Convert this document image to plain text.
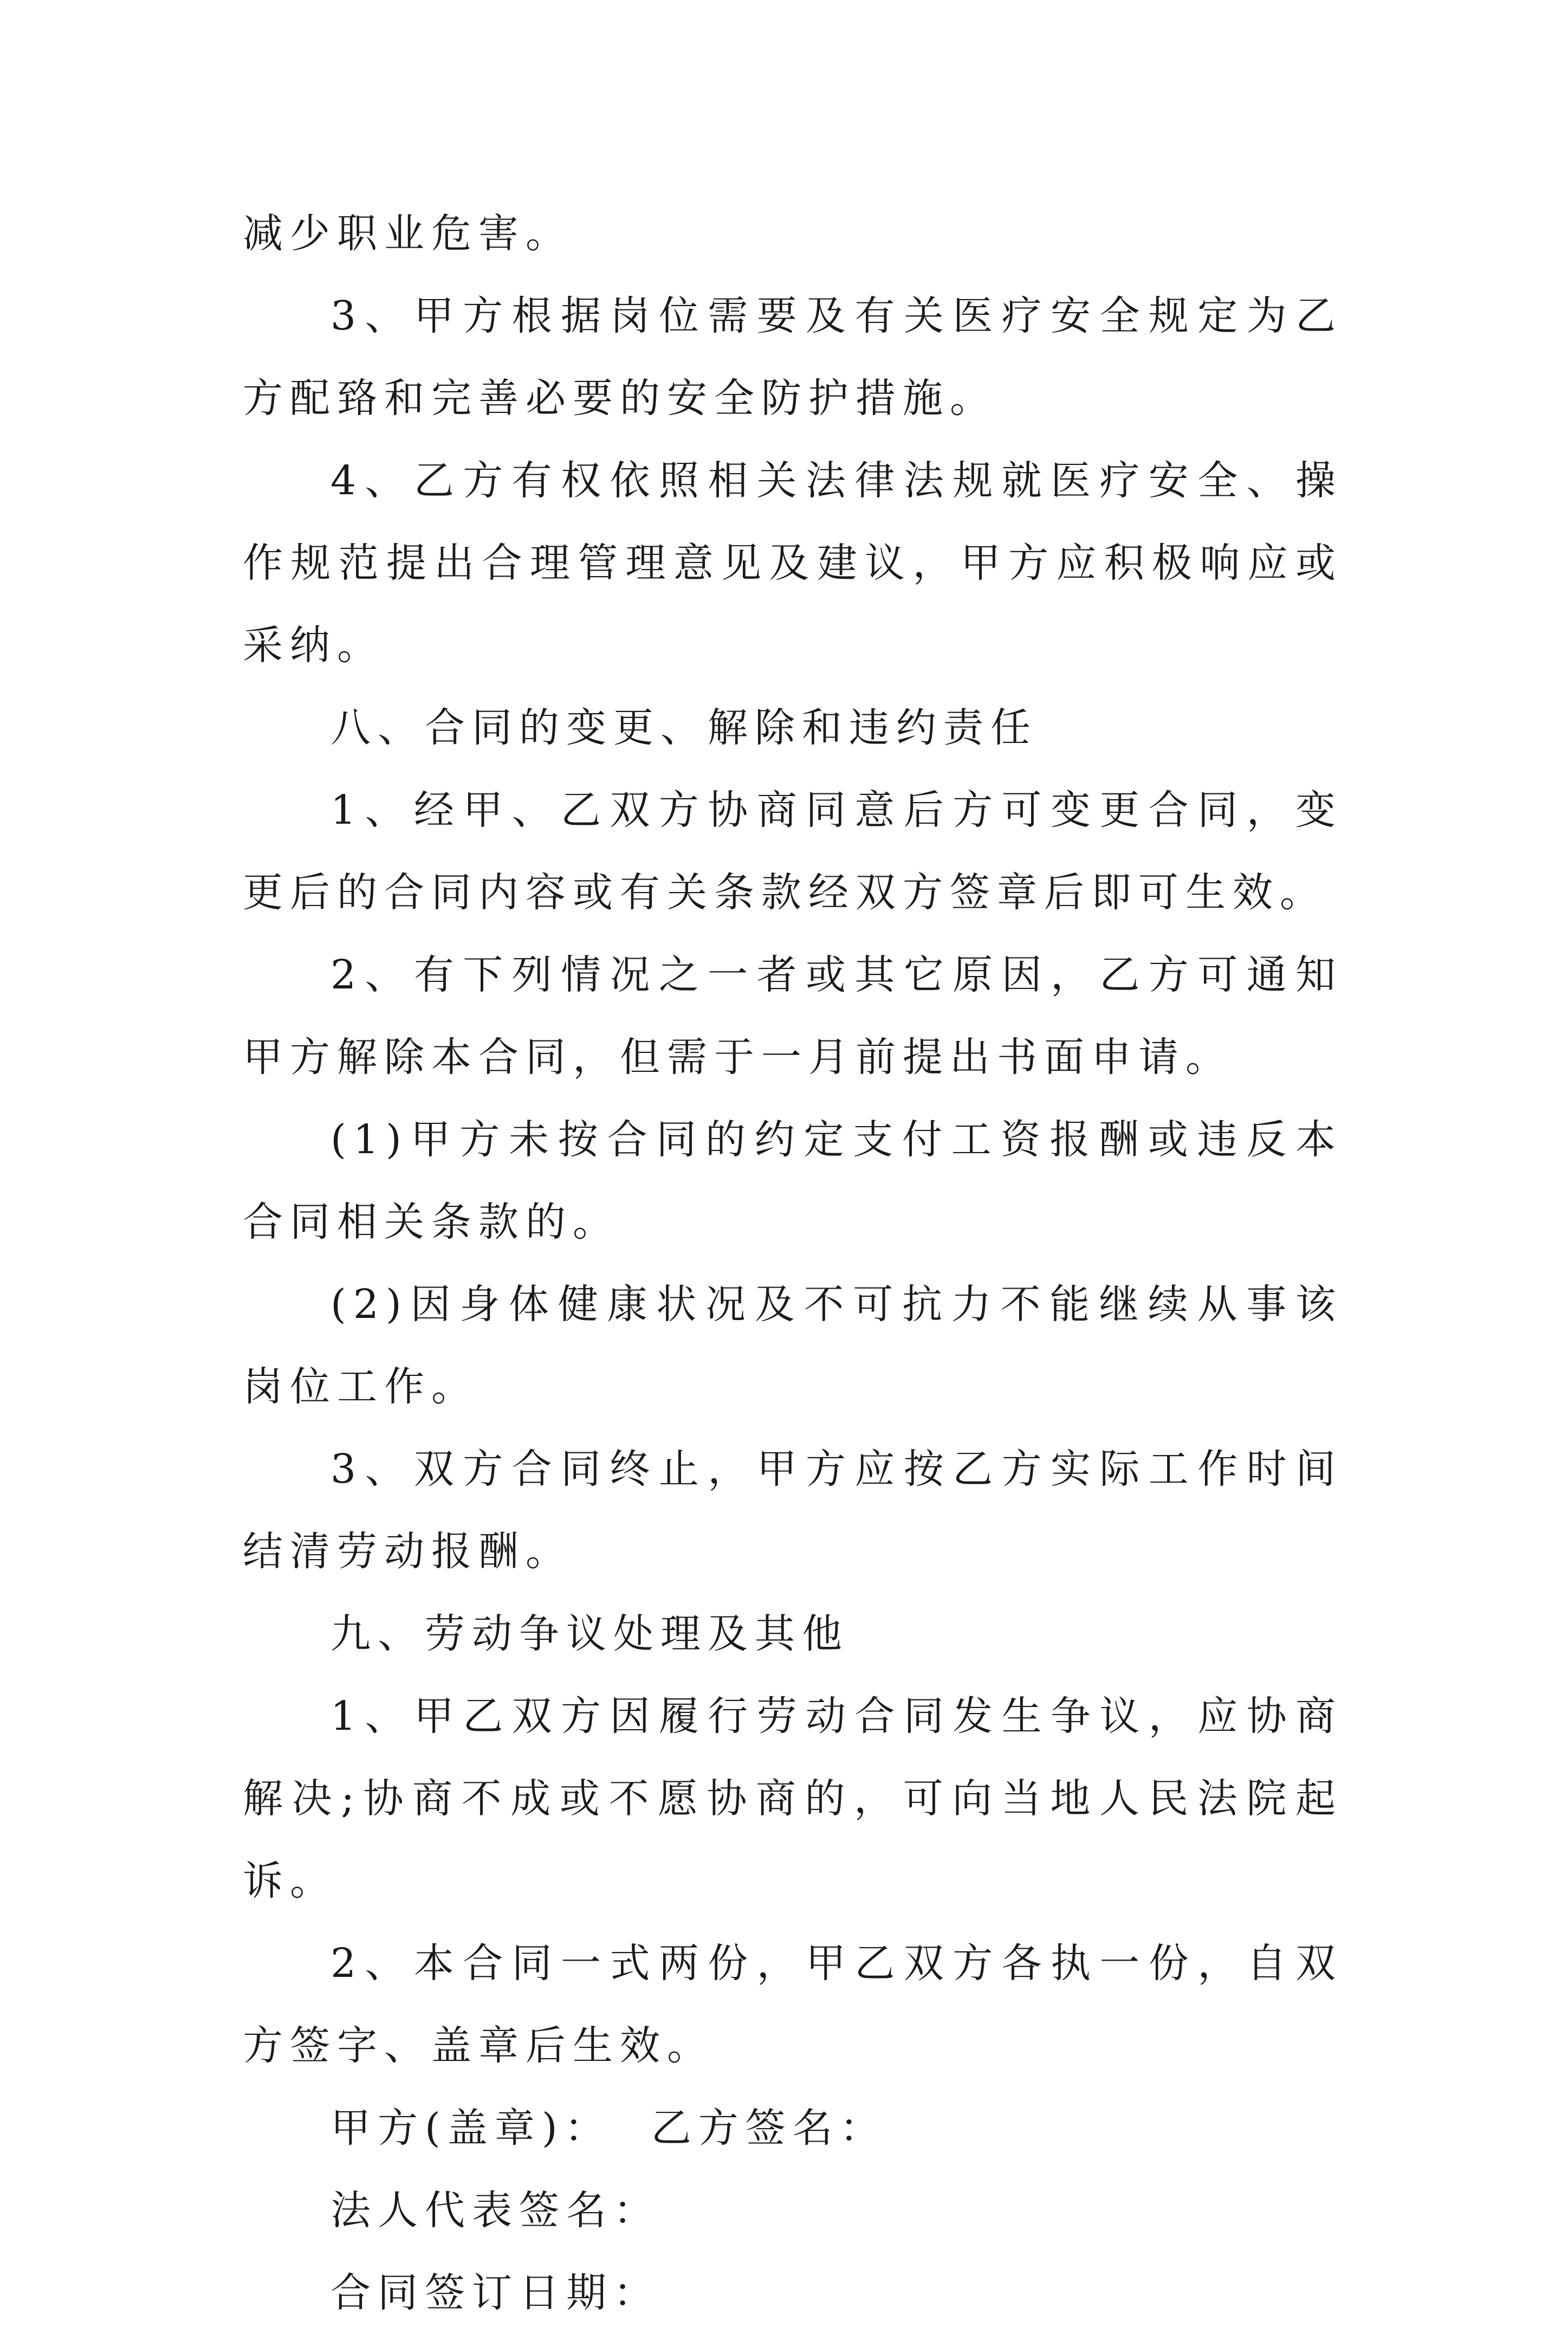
减少职业危害。

3、甲方根据岗位需要及有关医疗安全规定为乙方配臵和完善必要的安全防护措施。

4、乙方有权依照相关法律法规就医疗安全、操作规范提出合理管理意见及建议，甲方应积极响应或采纳。

八、合同的变更、解除和违约责任

1、经甲、乙双方协商同意后方可变更合同，变更后的合同内容或有关条款经双方签章后即可生效。

2、有下列情况之一者或其它原因，乙方可通知甲方解除本合同，但需于一月前提出书面申请。

(1)甲方未按合同的约定支付工资报酬或违反本合同相关条款的。

(2)因身体健康状况及不可抗力不能继续从事该岗位工作。

3、双方合同终止，甲方应按乙方实际工作时间结清劳动报酬。

九、劳动争议处理及其他

1、甲乙双方因履行劳动合同发生争议，应协商解决;协商不成或不愿协商的，可向当地人民法院起诉。

2、本合同一式两份，甲乙双方各执一份，自双方签字、盖章后生效。

甲方(盖章)： 乙方签名：

法人代表签名：

合同签订日期：
